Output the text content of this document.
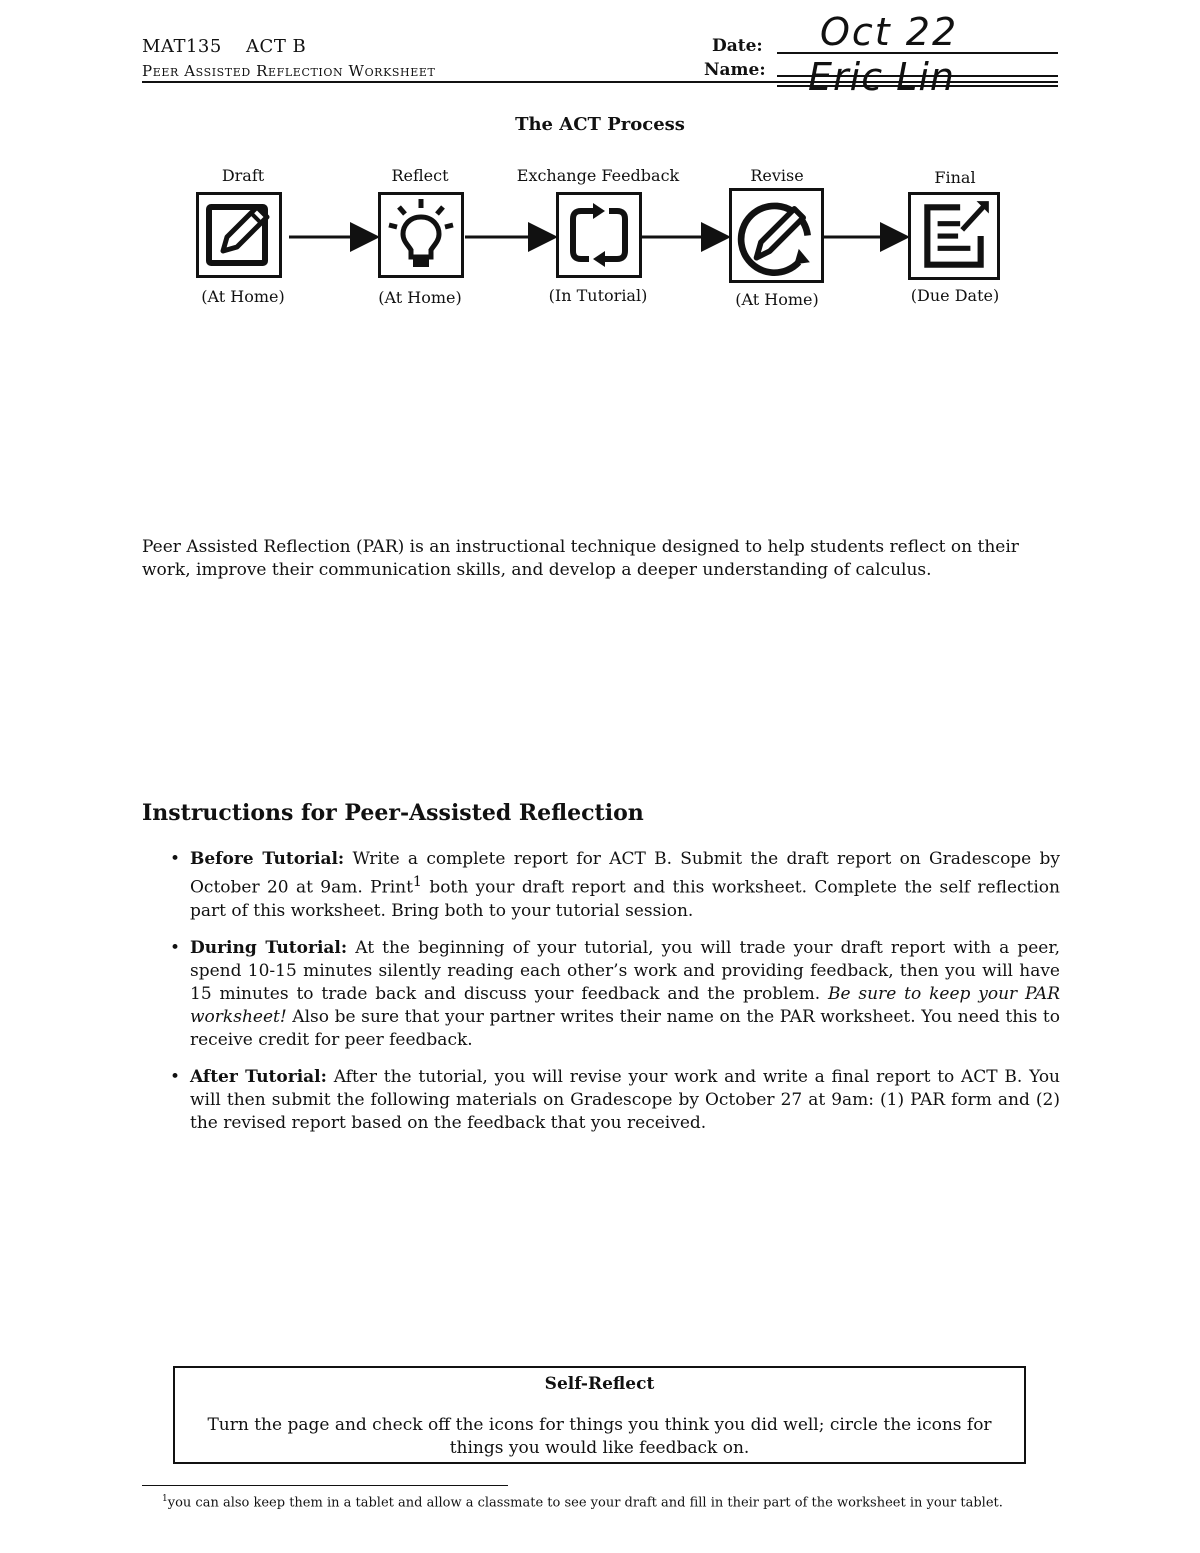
MAT135 ACT B
Peer Assisted Reflection Worksheet
Date: Oct 22
Name: Eric Lin
The ACT Process
Draft	Reflect	Exchange Feedback	Revise	Final
(At Home)	(At Home)	(In Tutorial)	(At Home)	(Due Date)
Peer Assisted Reflection (PAR) is an instructional technique designed to help students reflect on their work, improve their communication skills, and develop a deeper understanding of calculus.
Instructions for Peer-Assisted Reflection
• Before Tutorial: Write a complete report for ACT B. Submit the draft report on Gradescope by October 20 at 9am. Print$^1$ both your draft report and this worksheet. Complete the self reflection part of this worksheet. Bring both to your tutorial session.
• During Tutorial: At the beginning of your tutorial, you will trade your draft report with a peer, spend 10-15 minutes silently reading each other’s work and providing feedback, then you will have 15 minutes to trade back and discuss your feedback and the problem. Be sure to keep your PAR worksheet! Also be sure that your partner writes their name on the PAR worksheet. You need this to receive credit for peer feedback.
• After Tutorial: After the tutorial, you will revise your work and write a final report to ACT B. You will then submit the following materials on Gradescope by October 27 at 9am: (1) PAR form and (2) the revised report based on the feedback that you received.
Self-Reflect
Turn the page and check off the icons for things you think you did well; circle the icons for things you would like feedback on.
$^1$you can also keep them in a tablet and allow a classmate to see your draft and fill in their part of the worksheet in your tablet.
